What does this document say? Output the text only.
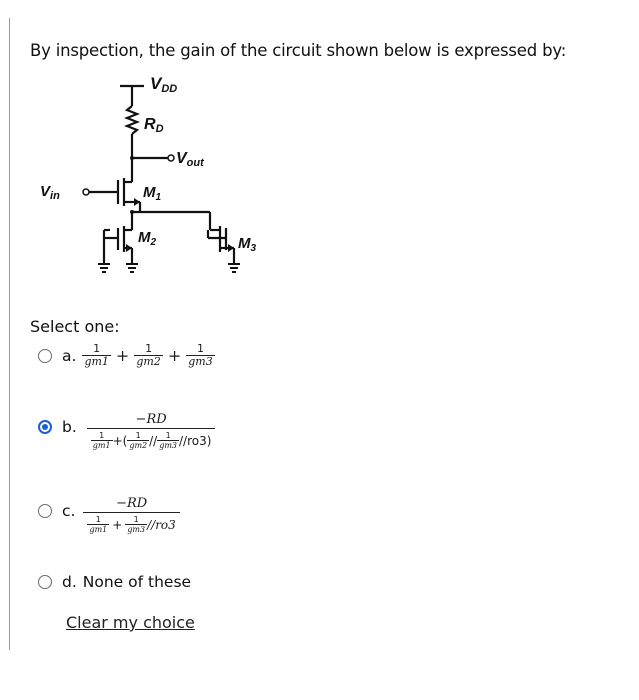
By inspection, the gain of the circuit shown below is expressed by:
VDD
RD
Vout
$V_{in}$	$M_1$
$M_2$	$M_3$
Select one:
a. $\frac{1}{gm1} + \frac{1}{gm2} + \frac{1}{gm3}$
b.	−RD
$\frac{1}{gm1}$ +( $\frac{1}{gm2} // \frac{1}{gm3} //ro3$)
c.	−RD
$\frac{1}{gm1} + \frac{1}{gm3} //ro3$
d. None of these
Clear my choice
